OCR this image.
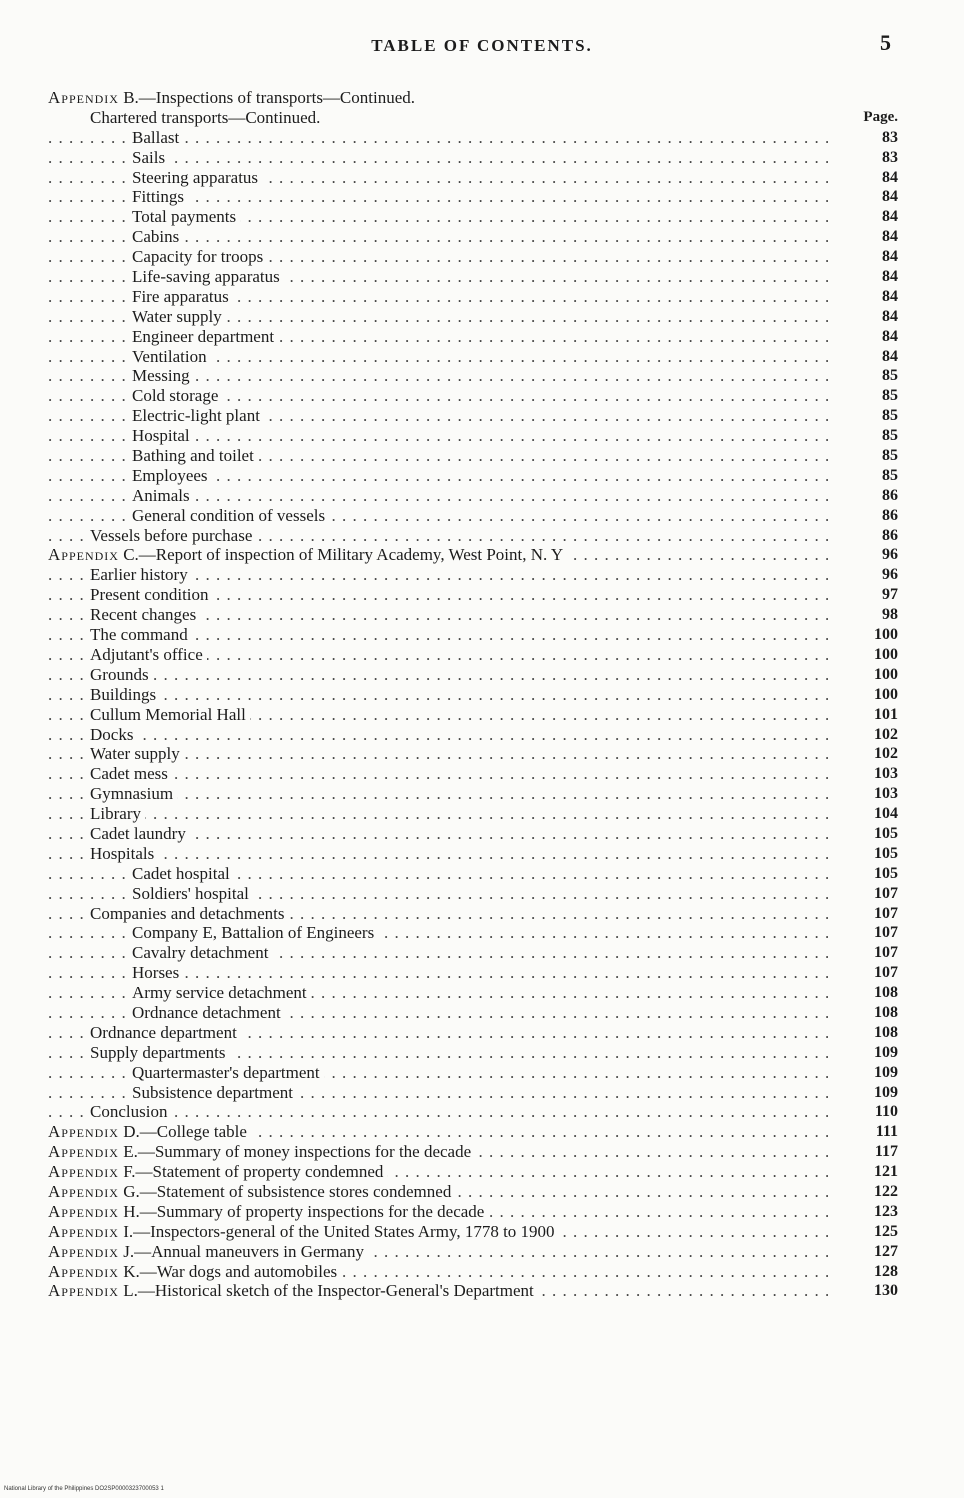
TABLE OF CONTENTS.	5
Appendix B.—Inspections of transports—Continued.
Chartered transports—Continued.	Page.
. . .
Ballast	83
. . .
Sails	83
. . .
Steering apparatus	84
. . .
Fittings	84
. . .
Total payments	84
. . .
Cabins	84
. . .
Capacity for troops	84
. . .
Life-saving apparatus	84
. . .
Fire apparatus	84
. . .
Water supply	84
. . .
Engineer department	84
. . .
Ventilation	84
. . .
Messing	85
. . .
Cold storage	85
. . .
Electric-light plant	85
. . .
Hospital	85
. . .
Bathing and toilet	85
. . .
Employees	85
. . .
Animals	86
. . .
General condition of vessels	86
. . .
Vessels before purchase	86
. . .
Appendix C.—Report of inspection of Military Academy, West Point, N. Y	96
. . .
Earlier history	96
. . .
Present condition	97
. . .
Recent changes	98
. . .
The command	100
. . .
Adjutant's office	100
. . .
Grounds	100
. . .
Buildings	100
. . .
Cullum Memorial Hall	101
. . .
Docks	102
. . .
Water supply	102
. . .
Cadet mess	103
. . .
Gymnasium	103
. . .
Library	104
. . .
Cadet laundry	105
. . .
Hospitals	105
. . .
Cadet hospital	105
. . .
Soldiers' hospital	107
. . .
Companies and detachments	107
. . .
Company E, Battalion of Engineers	107
. . .
Cavalry detachment	107
. . .
Horses	107
. . .
Army service detachment	108
. . .
Ordnance detachment	108
. . .
Ordnance department	108
. . .
Supply departments	109
. . .
Quartermaster's department	109
. . .
Subsistence department	109
. . .
Conclusion	110
. . .
Appendix D.—College table	111
. . .
Appendix E.—Summary of money inspections for the decade	117
. . .
Appendix F.—Statement of property condemned	121
. . .
Appendix G.—Statement of subsistence stores condemned	122
. . .
Appendix H.—Summary of property inspections for the decade	123
. . .
Appendix I.—Inspectors-general of the United States Army, 1778 to 1900	125
. . .
Appendix J.—Annual maneuvers in Germany	127
. . .
Appendix K.—War dogs and automobiles	128
. . .
Appendix L.—Historical sketch of the Inspector-General's Department	130
National Library of the Philippines DO2SP0000323700053 1
